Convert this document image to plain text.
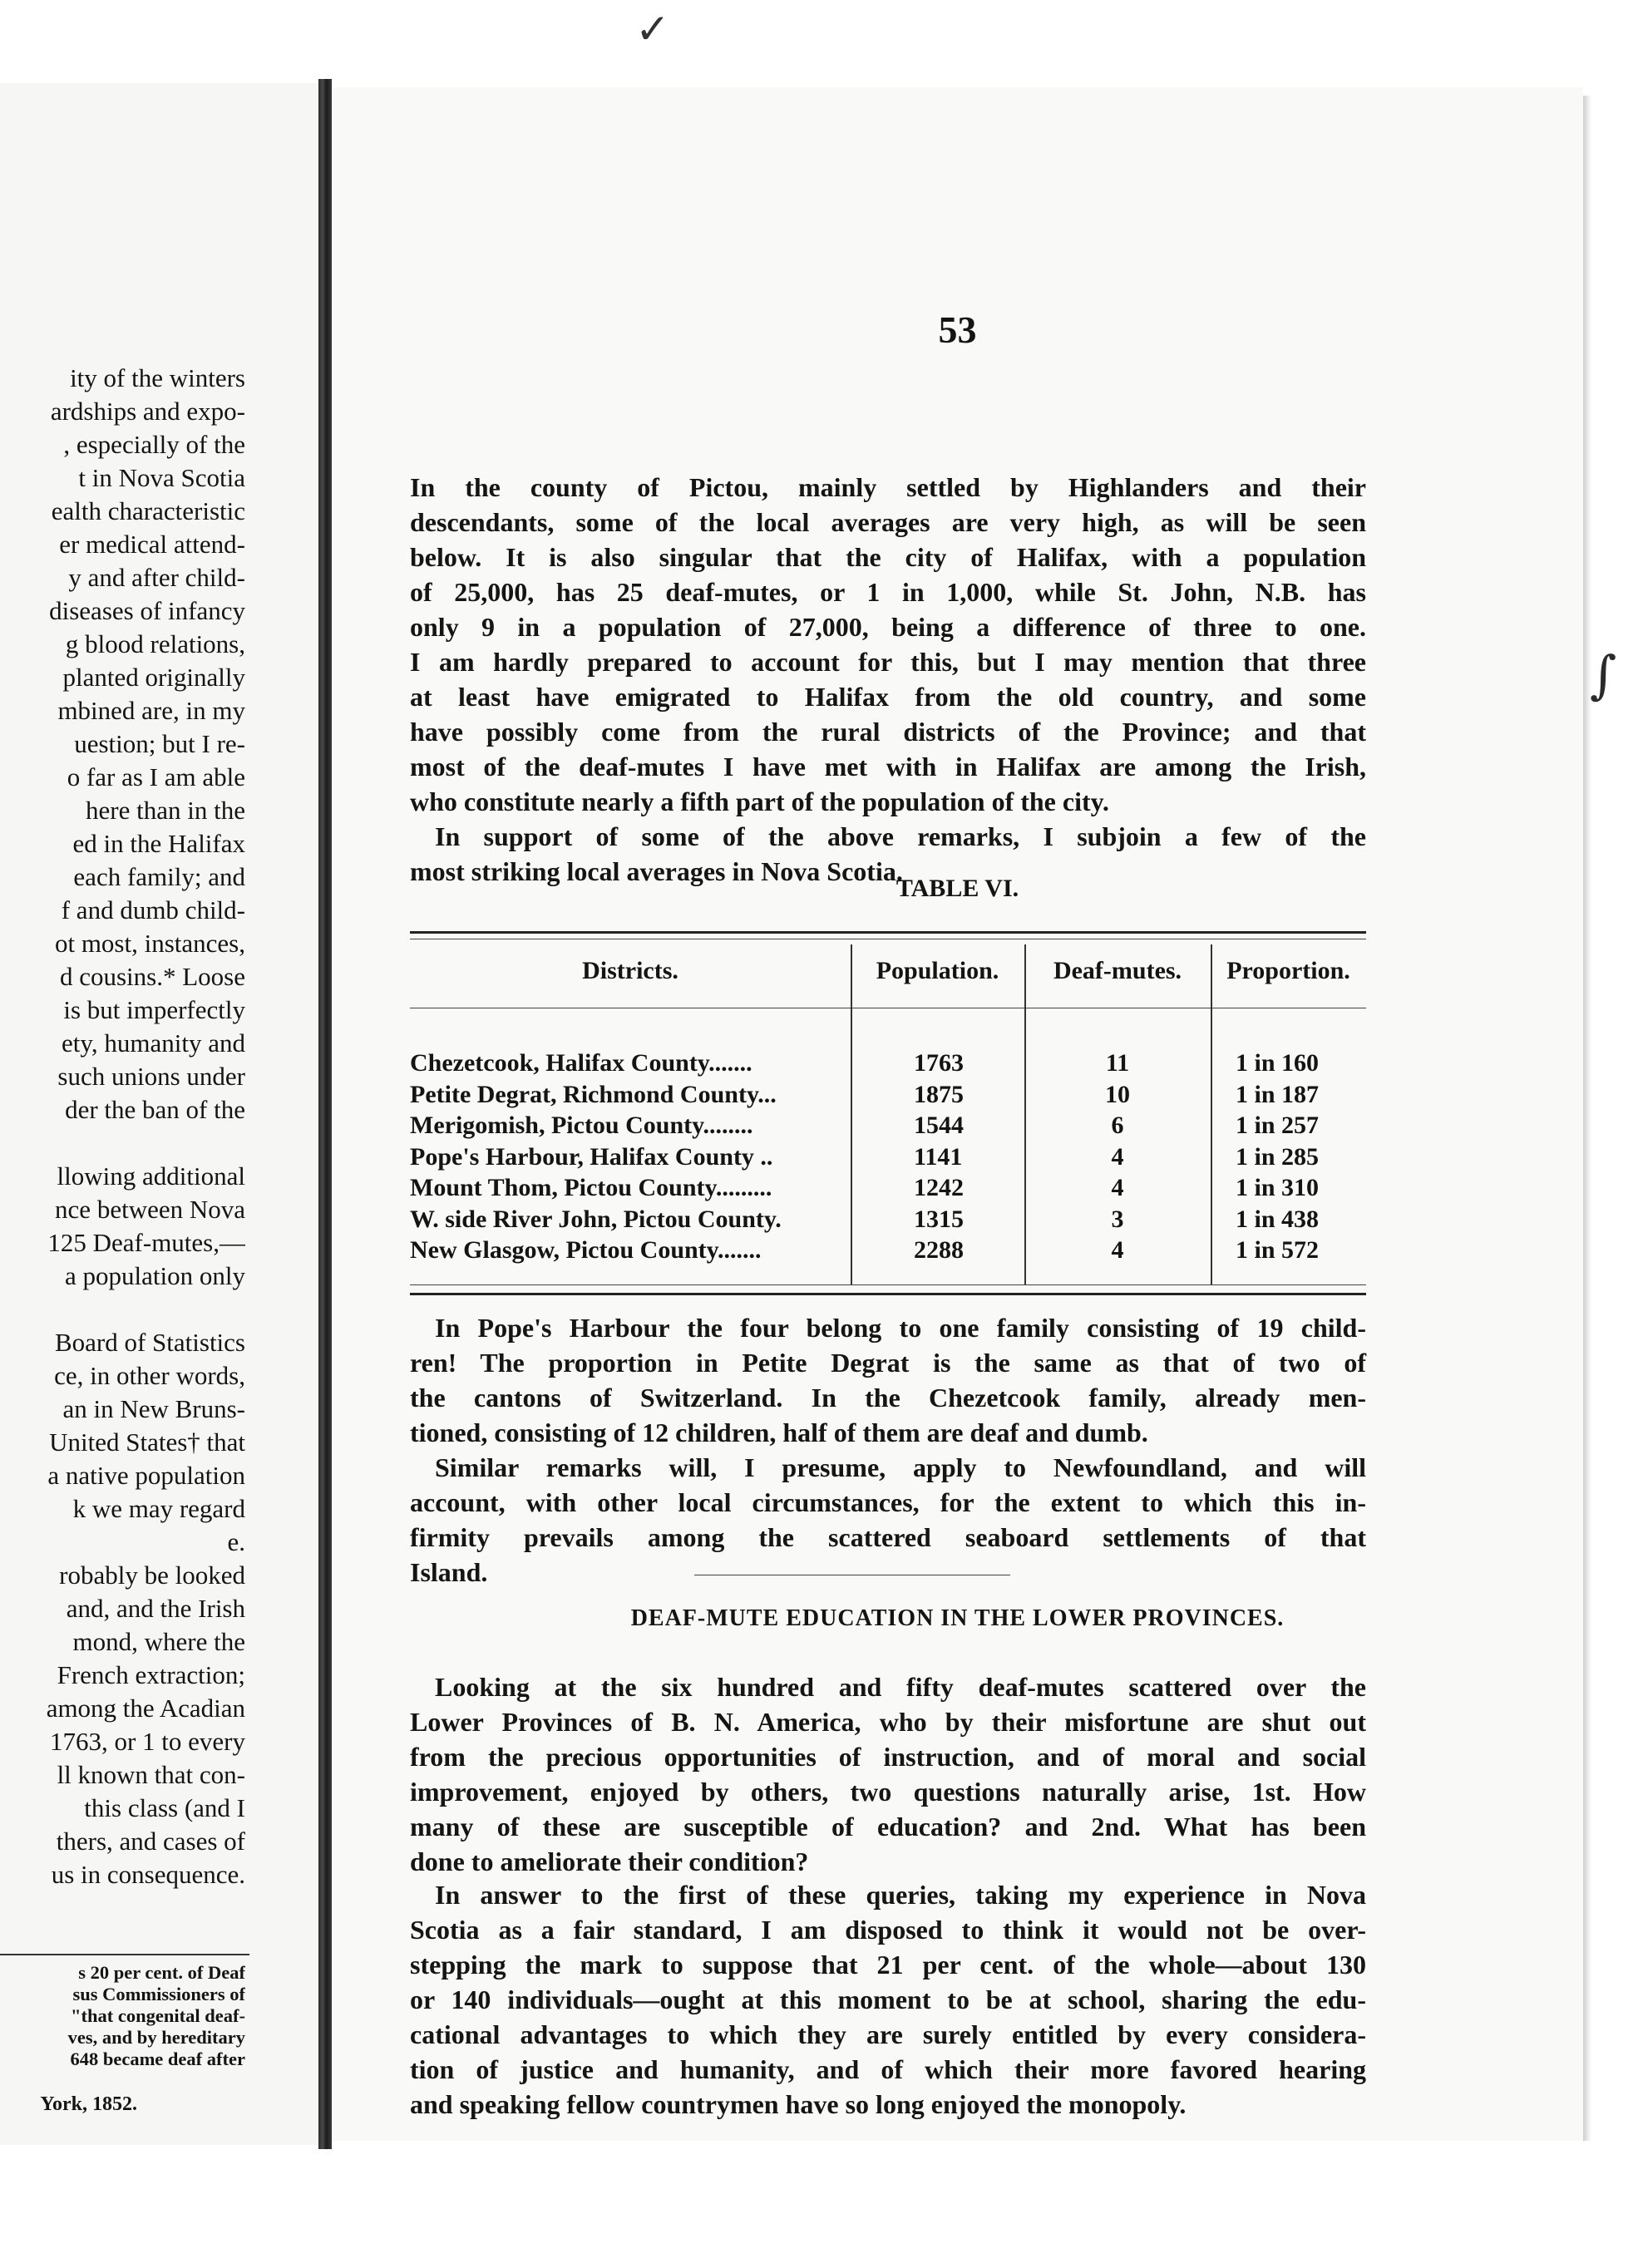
✓
ity of the winters
ardships and expo-
, especially of the
t in Nova Scotia
ealth characteristic
er medical attend-
y and after child-
diseases of infancy
g blood relations,
planted originally
mbined are, in my
uestion; but I re-
o far as I am able
here than in the
ed in the Halifax
each family; and
f and dumb child-
ot most, instances,
d cousins.* Loose
is but imperfectly
ety, humanity and
such unions under
der the ban of the
llowing additional
nce between Nova
125 Deaf-mutes,—
a population only
Board of Statistics
ce, in other words,
an in New Bruns-
United States† that
a native population
k we may regard
e.
robably be looked
and, and the Irish
mond, where the
French extraction;
among the Acadian
1763, or 1 to every
ll known that con-
this class (and I
thers, and cases of
us in consequence.
s 20 per cent. of Deaf
sus Commissioners of
"that congenital deaf-
ves, and by hereditary
648 became deaf after
York, 1852.
53
In the county of Pictou, mainly settled by Highlanders and their
descendants, some of the local averages are very high, as will be seen
below. It is also singular that the city of Halifax, with a population
of 25,000, has 25 deaf-mutes, or 1 in 1,000, while St. John, N.B. has
only 9 in a population of 27,000, being a difference of three to one.
I am hardly prepared to account for this, but I may mention that three
at least have emigrated to Halifax from the old country, and some
have possibly come from the rural districts of the Province; and that
most of the deaf-mutes I have met with in Halifax are among the Irish,
who constitute nearly a fifth part of the population of the city.
In support of some of the above remarks, I subjoin a few of the
most striking local averages in Nova Scotia.
TABLE VI.
Districts.	Population.	Deaf-mutes.	Proportion.
Chezetcook, Halifax County.......	1763	11	1 in 160
Petite Degrat, Richmond County...	1875	10	1 in 187
Merigomish, Pictou County........	1544	6	1 in 257
Pope's Harbour, Halifax County ..	1141	4	1 in 285
Mount Thom, Pictou County.........	1242	4	1 in 310
W. side River John, Pictou County.	1315	3	1 in 438
New Glasgow, Pictou County.......	2288	4	1 in 572
In Pope's Harbour the four belong to one family consisting of 19 child-
ren! The proportion in Petite Degrat is the same as that of two of
the cantons of Switzerland. In the Chezetcook family, already men-
tioned, consisting of 12 children, half of them are deaf and dumb.
Similar remarks will, I presume, apply to Newfoundland, and will
account, with other local circumstances, for the extent to which this in-
firmity prevails among the scattered seaboard settlements of that
Island.
DEAF-MUTE EDUCATION IN THE LOWER PROVINCES.
Looking at the six hundred and fifty deaf-mutes scattered over the
Lower Provinces of B. N. America, who by their misfortune are shut out
from the precious opportunities of instruction, and of moral and social
improvement, enjoyed by others, two questions naturally arise, 1st. How
many of these are susceptible of education? and 2nd. What has been
done to ameliorate their condition?
In answer to the first of these queries, taking my experience in Nova
Scotia as a fair standard, I am disposed to think it would not be over-
stepping the mark to suppose that 21 per cent. of the whole—about 130
or 140 individuals—ought at this moment to be at school, sharing the edu-
cational advantages to which they are surely entitled by every considera-
tion of justice and humanity, and of which their more favored hearing
and speaking fellow countrymen have so long enjoyed the monopoly.
∫
